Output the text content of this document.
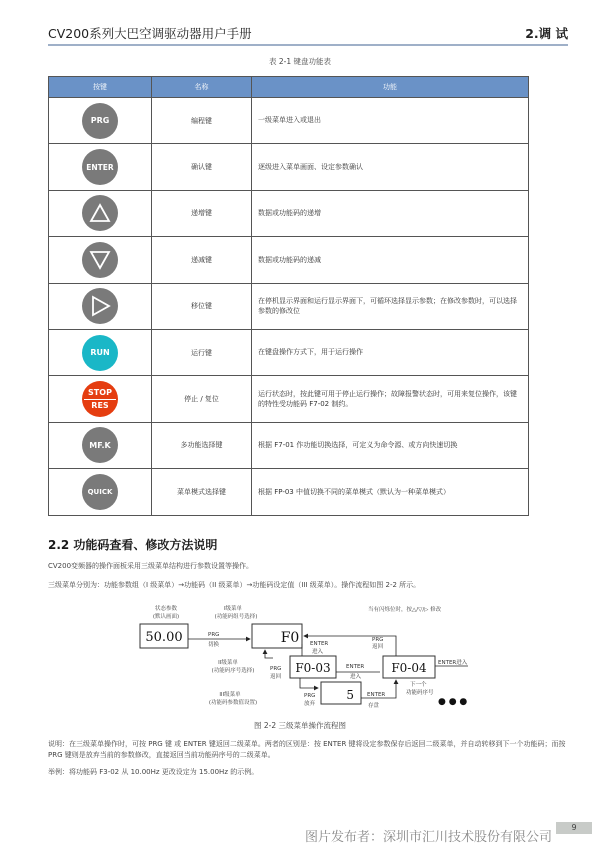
CV200系列大巴空调驱动器用户手册	2.调 试
表 2-1 键盘功能表
按键	名称	功能
PRG	编程键	一级菜单进入或退出
ENTER	确认键	逐级进入菜单画面、设定参数确认

	递增键	数据或功能码的递增

	递减键	数据或功能码的递减

	移位键	在停机显示界面和运行显示界面下，可循环选择显示参数；在修改参数时，可以选择参数的修改位
RUN	运行键	在键盘操作方式下，用于运行操作

STOP
RES	停止 / 复位	运行状态时，按此键可用于停止运行操作；故障报警状态时，可用来复位操作，该键的特性受功能码 F7-02 制约。
MF.K	多功能选择键	根据 F7-01 作功能切换选择，可定义为命令源、或方向快速切换
QUICK	菜单模式选择键	根据 FP-03 中值切换不同的菜单模式（默认为一种菜单模式）
2.2 功能码查看、修改方法说明
CV200变频器的操作面板采用三级菜单结构进行参数设置等操作。
三级菜单分别为：功能参数组（I 级菜单）→功能码（II 级菜单）→功能码设定值（III 级菜单）。操作流程如图 2-2 所示。
状态参数
(默认画面)
I级菜单
(功能码组号选择)
当有闪烁位时，按△/▽/▷ 修改
50.00	F0
PRG
切换	ENTER
进入
PRG
返回
PRG
返回
II级菜单
(功能码序号选择)
III级菜单
(功能码参数值设置)
F0-03	ENTER
进入
F0-04 ENTER进入
下一个
功能码序号
PRG
放弃
5 ENTER
存盘	● ● ●
图 2-2 三级菜单操作流程图
说明：在三级菜单操作时，可按 PRG 键 或 ENTER 键返回二级菜单。两者的区别是：按 ENTER 键将设定参数保存后返回二级菜单，并自动转移到下一个功能码；而按 PRG 键则是放弃当前的参数修改，直接返回当前功能码序号的二级菜单。
举例：将功能码 F3-02 从 10.00Hz 更改设定为 15.00Hz 的示例。
图片发布者：深圳市汇川技术股份有限公司
9
